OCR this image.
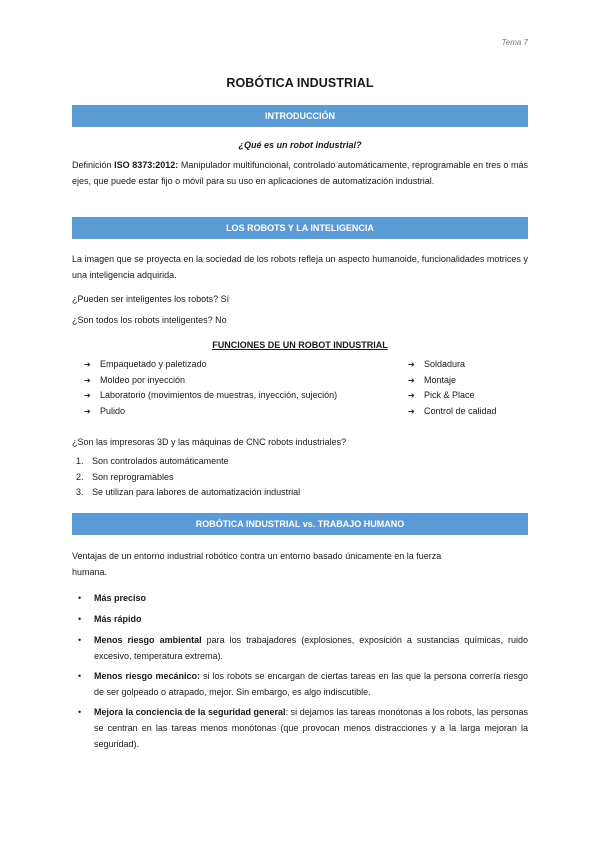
Tema 7
ROBÓTICA INDUSTRIAL
INTRODUCCIÓN
¿Qué es un robot industrial?
Definición ISO 8373:2012: Manipulador multifuncional, controlado automáticamente, reprogramable en tres o más ejes, que puede estar fijo o móvil para su uso en aplicaciones de automatización industrial.
LOS ROBOTS Y LA INTELIGENCIA
La imagen que se proyecta en la sociedad de los robots refleja un aspecto humanoide, funcionalidades motrices y una inteligencia adquirida.
¿Pueden ser inteligentes los robots? Sí
¿Son todos los robots inteligentes? No
FUNCIONES DE UN ROBOT INDUSTRIAL
➔	Empaquetado y paletizado
➔	Moldeo por inyección
➔	Laboratorio (movimientos de muestras, inyección, sujeción)
➔	Pulido
➔	Soldadura
➔	Montaje
➔	Pick & Place
➔	Control de calidad
¿Son las impresoras 3D y las máquinas de CNC robots industriales?
1. Son controlados automáticamente
2. Son reprogramables
3. Se utilizan para labores de automatización industrial
ROBÓTICA INDUSTRIAL vs. TRABAJO HUMANO
Ventajas de un entorno industrial robótico contra un entorno basado únicamente en la fuerza humana.
• Más preciso
• Más rápido
• Menos riesgo ambiental para los trabajadores (explosiones, exposición a sustancias químicas, ruido excesivo, temperatura extrema).
• Menos riesgo mecánico: si los robots se encargan de ciertas tareas en las que la persona correría riesgo de ser golpeado o atrapado, mejor. Sin embargo, es algo indiscutible.
• Mejora la conciencia de la seguridad general: si dejamos las tareas monótonas a los robots, las personas se centran en las tareas menos monótonas (que provocan menos distracciones y a la larga mejoran la seguridad).
